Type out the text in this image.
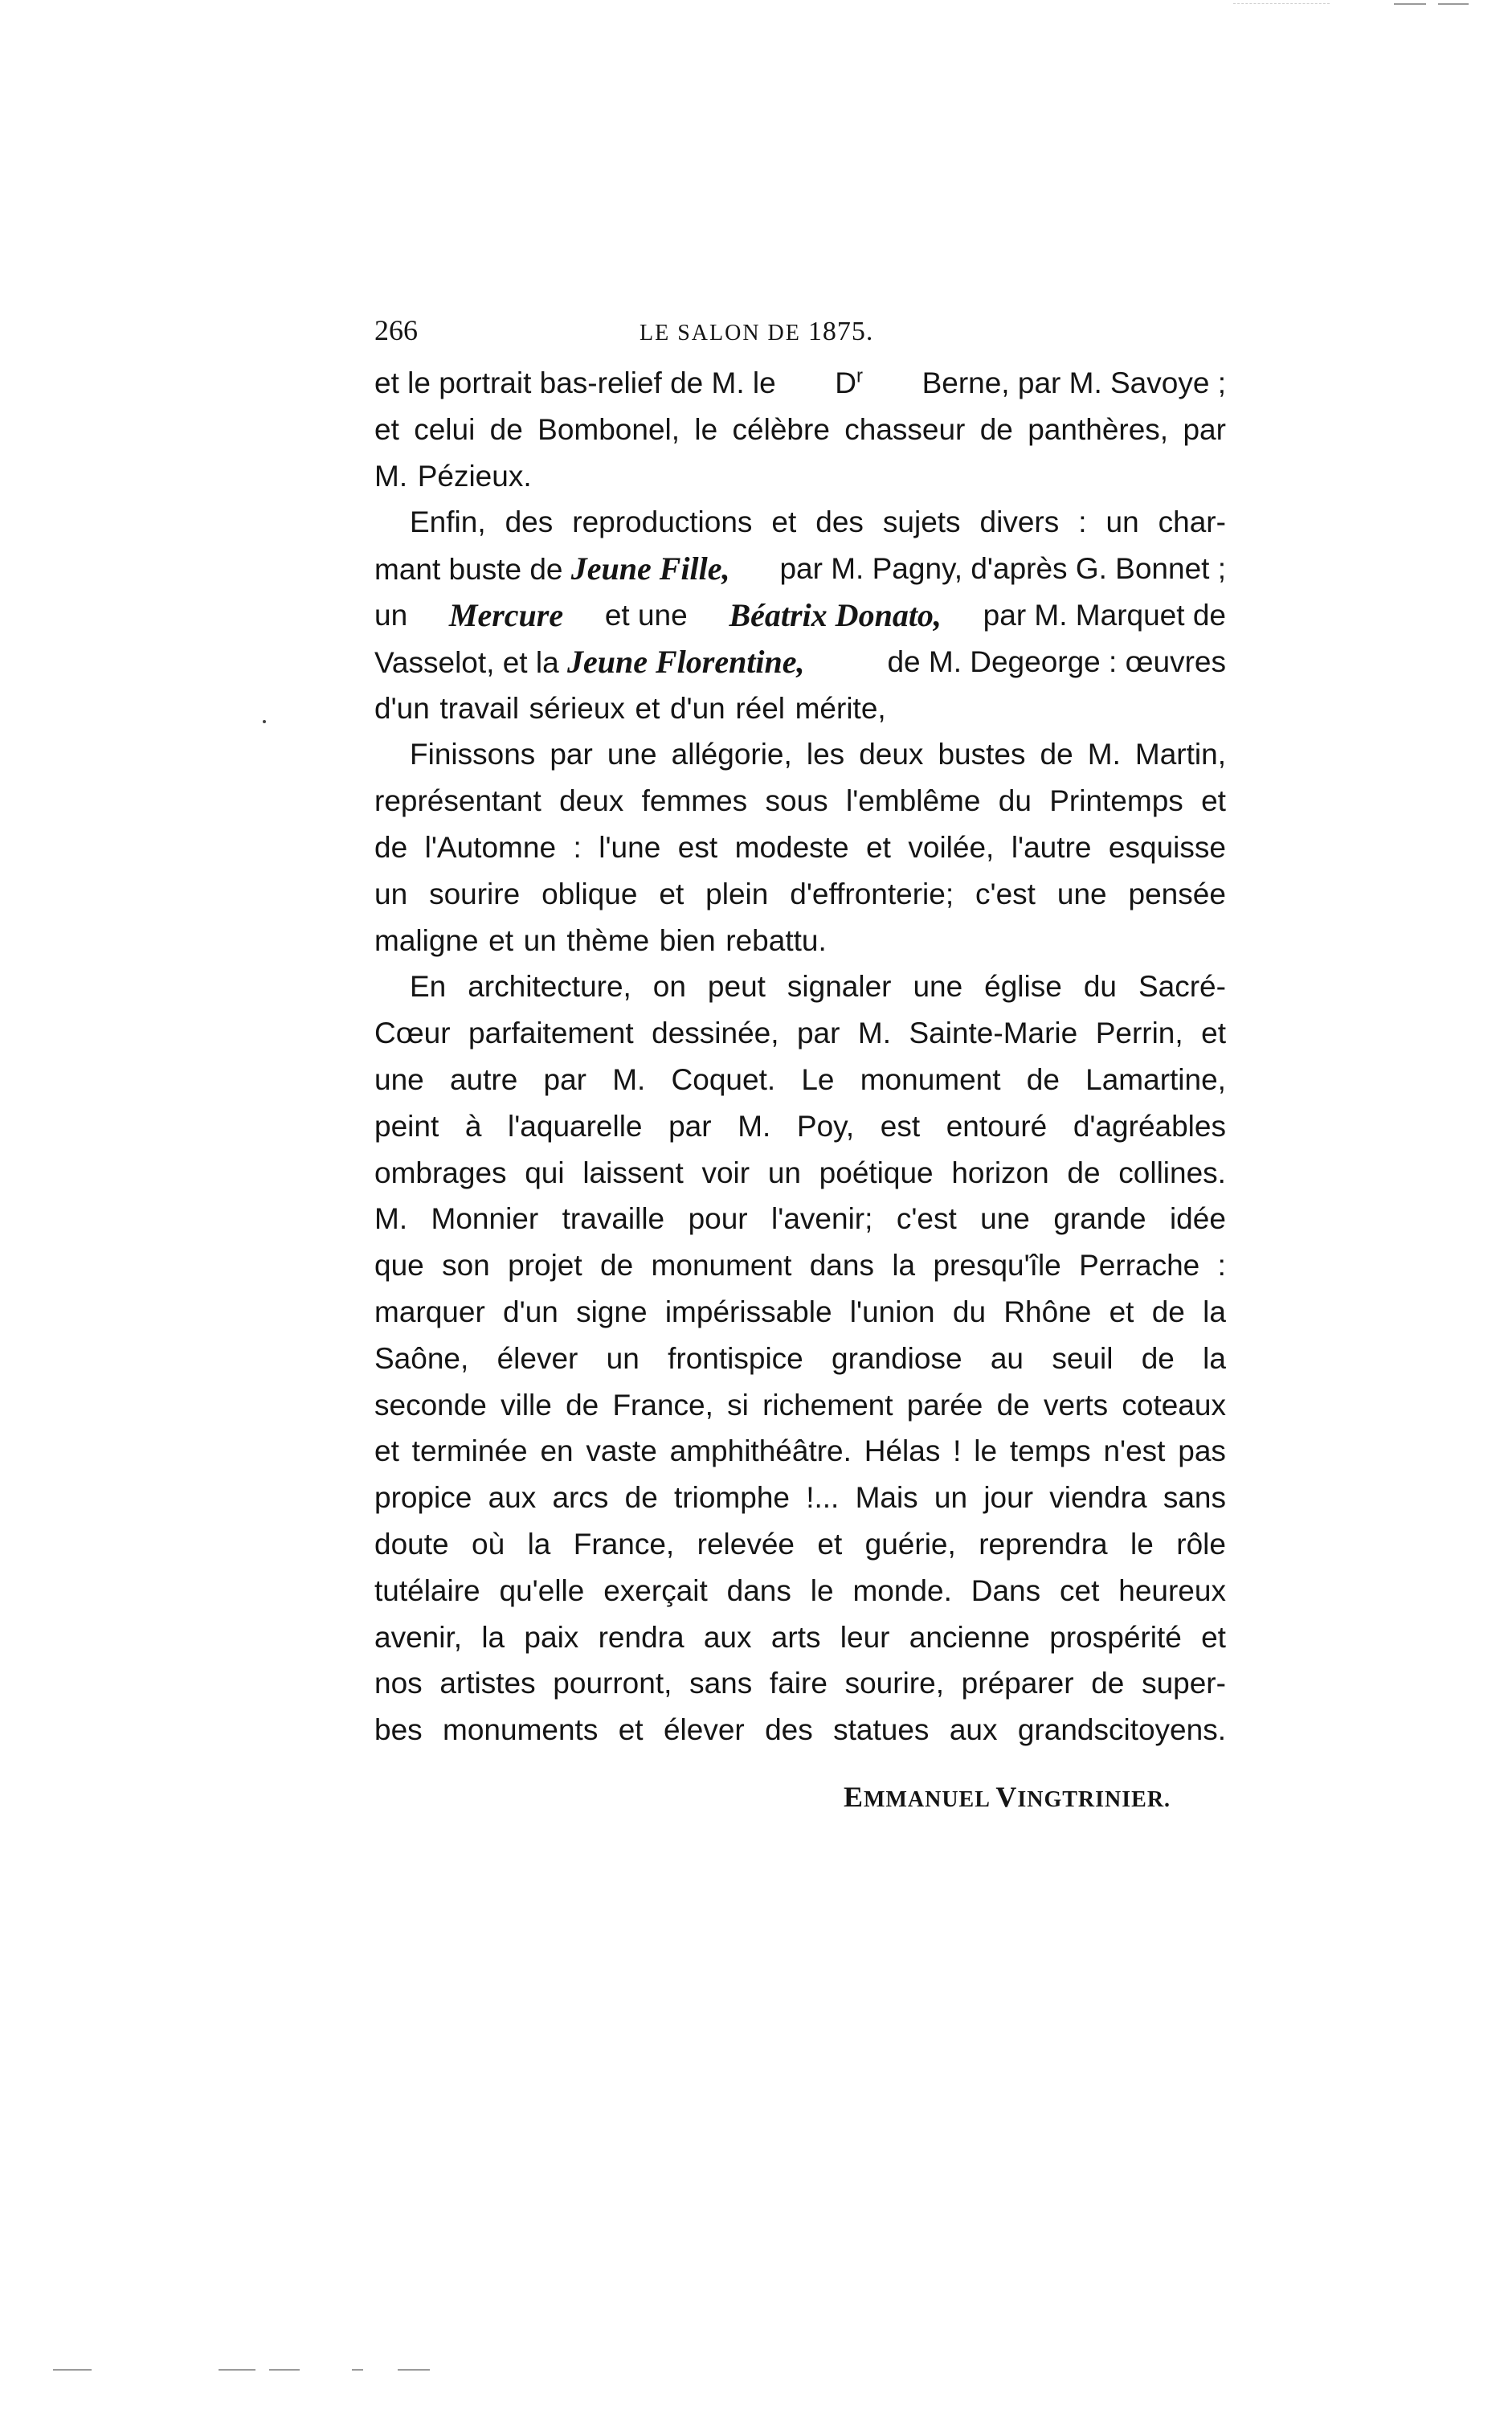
266	LE SALON DE 1875.
et le portrait bas-relief de M. le $D^r$ Berne, par M. Savoye ;
et celui de Bombonel, le célèbre chasseur de panthères, par
M. Pézieux.
Enfin, des reproductions et des sujets divers : un char-
mant buste de Jeune Fille, par M. Pagny, d'après G. Bonnet ;
un Mercure et une Béatrix Donato, par M. Marquet de
Vasselot, et la Jeune Florentine,	de M. Degeorge : œuvres
d'un travail sérieux et d'un réel mérite,
Finissons par une allégorie, les deux bustes de M. Martin,
représentant deux femmes sous l'emblême du Printemps et
de l'Automne : l'une est modeste et voilée, l'autre esquisse
un sourire oblique et plein d'effronterie; c'est une pensée
maligne et un thème bien rebattu.
En architecture, on peut signaler une église du Sacré-
Cœur parfaitement dessinée, par M. Sainte-Marie Perrin, et
une autre par M. Coquet. Le monument de Lamartine,
peint à l'aquarelle par M. Poy, est entouré d'agréables
ombrages qui laissent voir un poétique horizon de collines.
M. Monnier travaille pour l'avenir; c'est une grande idée
que son projet de monument dans la presqu'île Perrache :
marquer d'un signe impérissable l'union du Rhône et de la
Saône, élever un frontispice grandiose au seuil de la
seconde ville de France, si richement parée de verts coteaux
et terminée en vaste amphithéâtre. Hélas ! le temps n'est pas
propice aux arcs de triomphe !... Mais un jour viendra sans
doute où la France, relevée et guérie, reprendra le rôle
tutélaire qu'elle exerçait dans le monde. Dans cet heureux
avenir, la paix rendra aux arts leur ancienne prospérité et
nos artistes pourront, sans faire sourire, préparer de super-
bes monuments et élever des statues aux grandscitoyens.
EMMANUEL VINGTRINIER.
